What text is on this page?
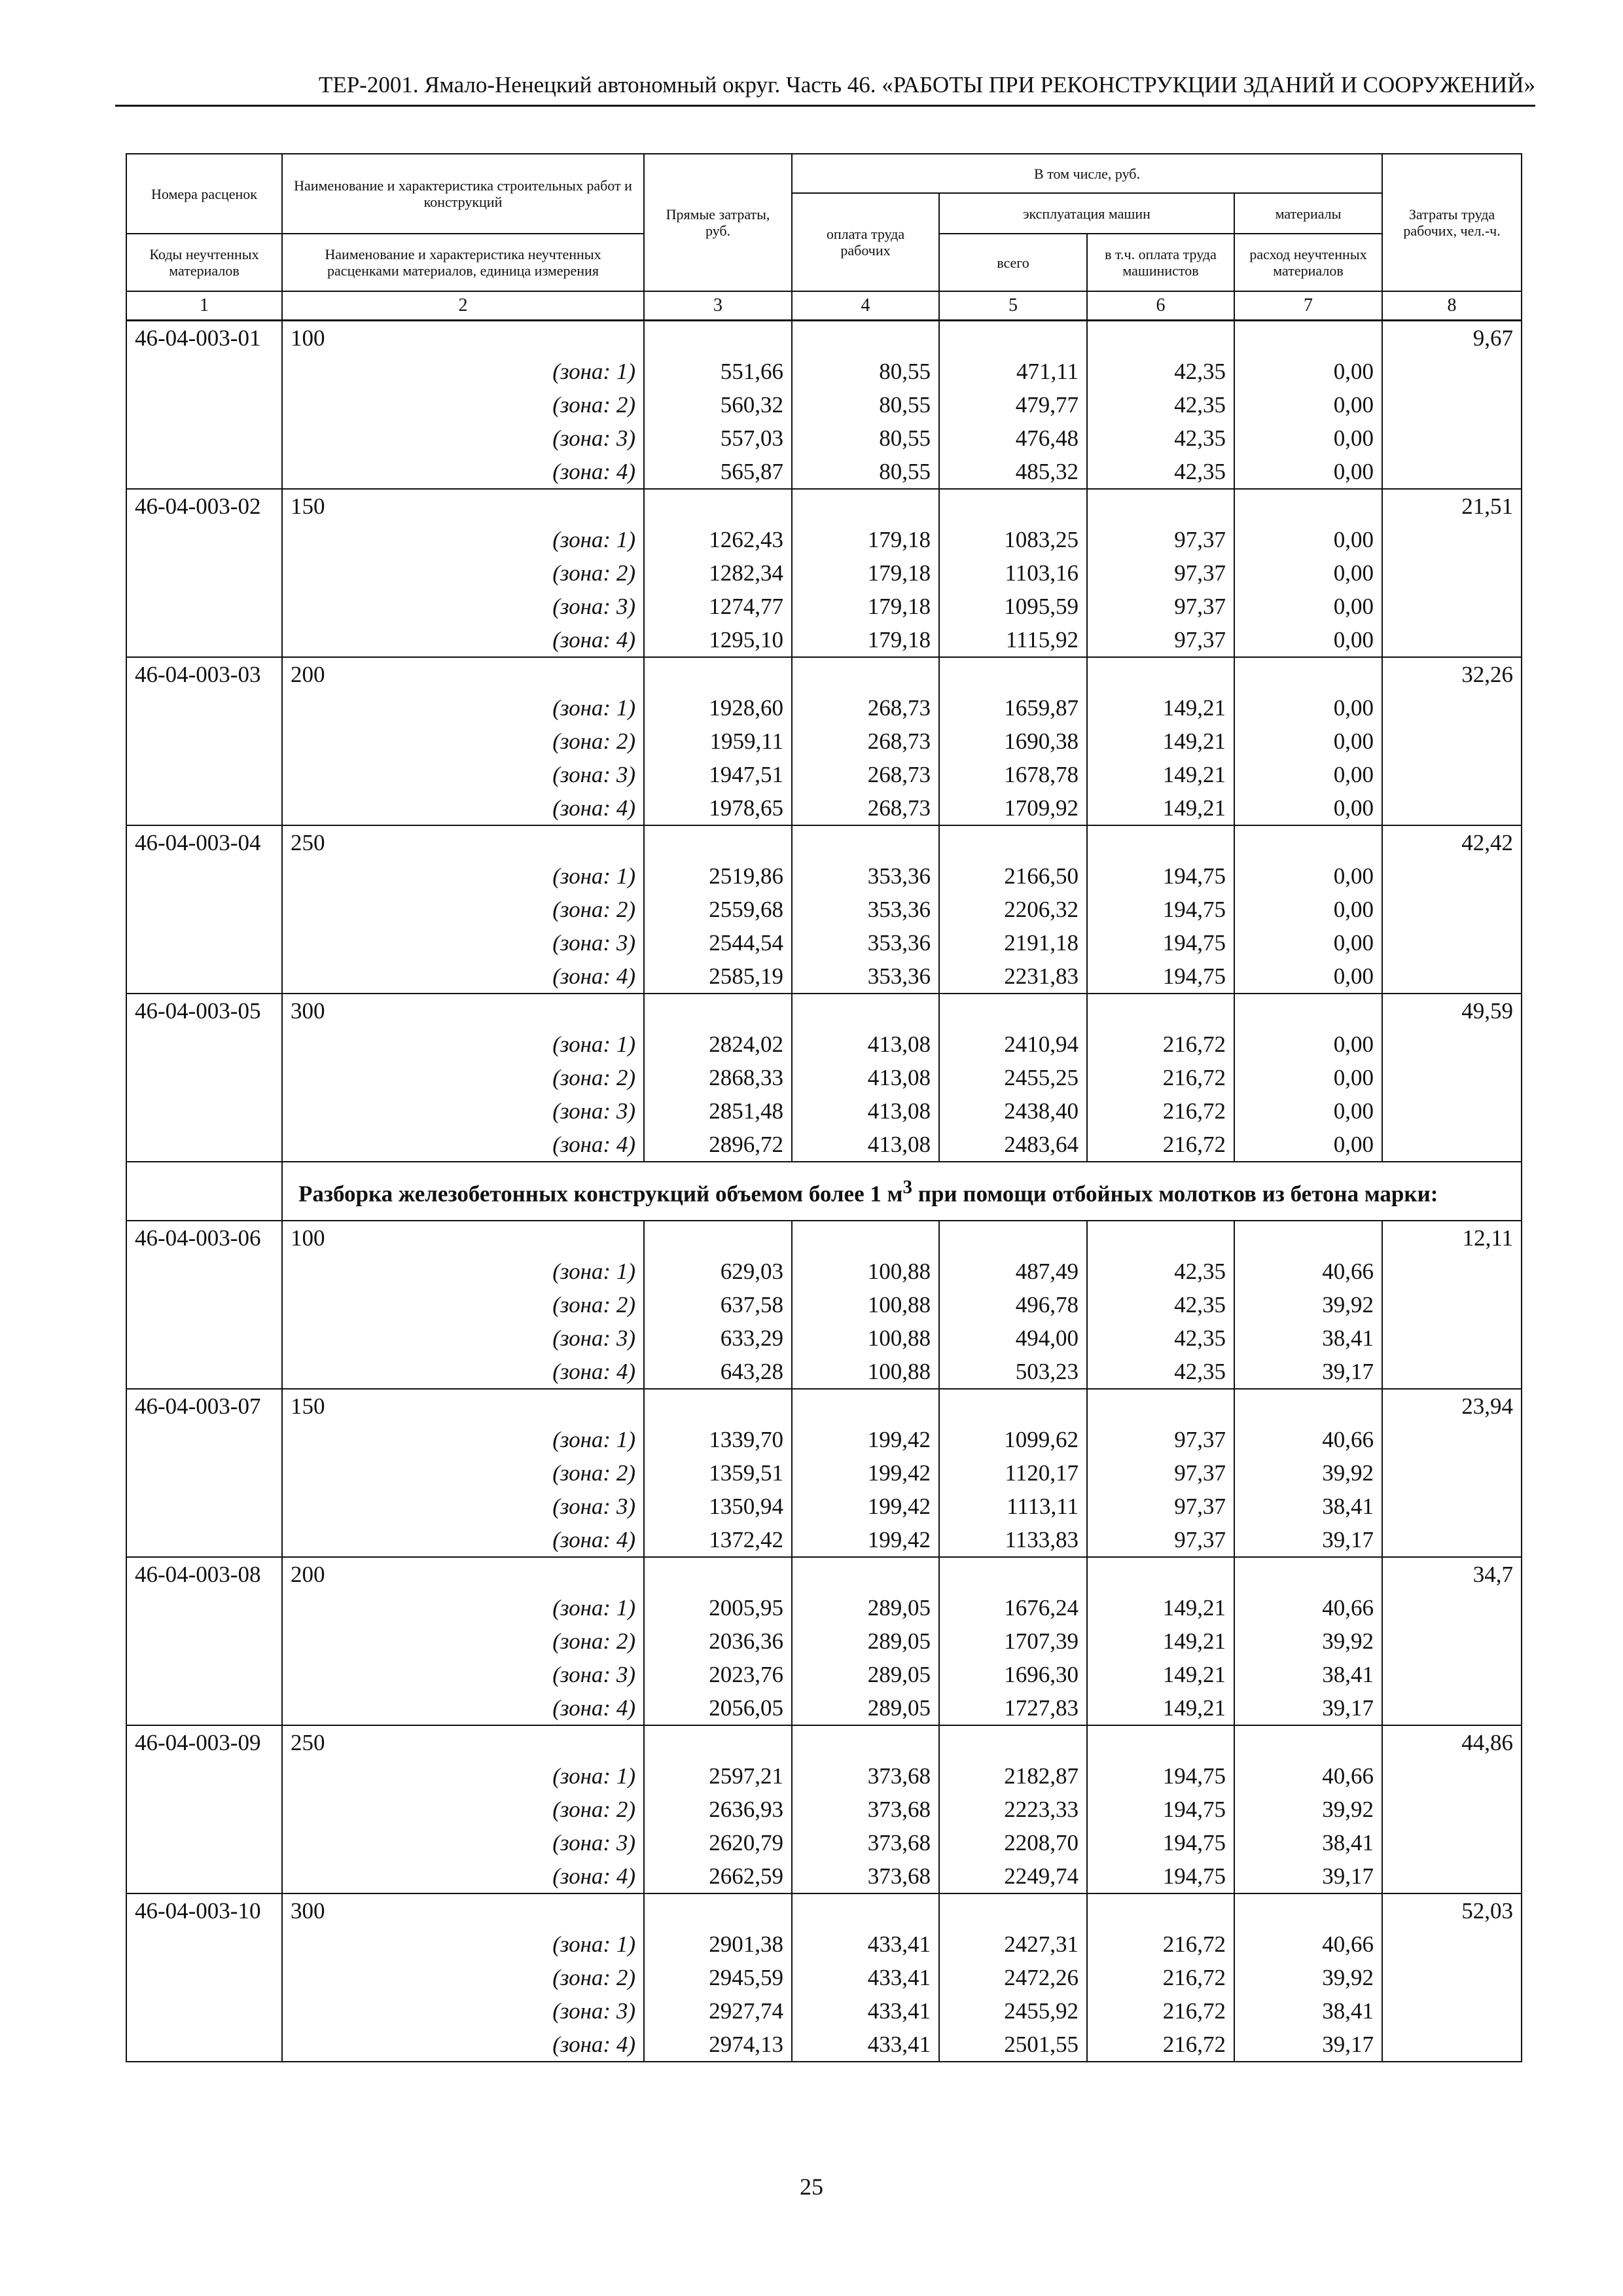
ТЕР-2001. Ямало-Ненецкий автономный округ. Часть 46. «РАБОТЫ ПРИ РЕКОНСТРУКЦИИ ЗДАНИЙ И СООРУЖЕНИЙ»
Номера расценок	Наименование и характеристика строительных работ и конструкций	Прямые затраты, руб.	В том числе, руб.				Затраты труда рабочих, чел.-ч.
			оплата труда рабочих	эксплуатация машин		материалы	
Коды неучтенных материалов	Наименование и характеристика неучтенных расценками материалов, единица измерения			всего	в т.ч. оплата труда машинистов	расход неучтенных материалов	
1	2	3	4	5	6	7	8
46-04-003-01	100						9,67
	(зона: 1)	551,66	80,55	471,11	42,35	0,00	
	(зона: 2)	560,32	80,55	479,77	42,35	0,00	
	(зона: 3)	557,03	80,55	476,48	42,35	0,00	
	(зона: 4)	565,87	80,55	485,32	42,35	0,00	
46-04-003-02	150						21,51
	(зона: 1)	1262,43	179,18	1083,25	97,37	0,00	
	(зона: 2)	1282,34	179,18	1103,16	97,37	0,00	
	(зона: 3)	1274,77	179,18	1095,59	97,37	0,00	
	(зона: 4)	1295,10	179,18	1115,92	97,37	0,00	
46-04-003-03	200						32,26
	(зона: 1)	1928,60	268,73	1659,87	149,21	0,00	
	(зона: 2)	1959,11	268,73	1690,38	149,21	0,00	
	(зона: 3)	1947,51	268,73	1678,78	149,21	0,00	
	(зона: 4)	1978,65	268,73	1709,92	149,21	0,00	
46-04-003-04	250						42,42
	(зона: 1)	2519,86	353,36	2166,50	194,75	0,00	
	(зона: 2)	2559,68	353,36	2206,32	194,75	0,00	
	(зона: 3)	2544,54	353,36	2191,18	194,75	0,00	
	(зона: 4)	2585,19	353,36	2231,83	194,75	0,00	
46-04-003-05	300						49,59
	(зона: 1)	2824,02	413,08	2410,94	216,72	0,00	
	(зона: 2)	2868,33	413,08	2455,25	216,72	0,00	
	(зона: 3)	2851,48	413,08	2438,40	216,72	0,00	
	(зона: 4)	2896,72	413,08	2483,64	216,72	0,00	
	Разборка железобетонных конструкций объемом более 1 $м^3$ при помощи отбойных молотков из бетона марки:						
46-04-003-06	100						12,11
	(зона: 1)	629,03	100,88	487,49	42,35	40,66	
	(зона: 2)	637,58	100,88	496,78	42,35	39,92	
	(зона: 3)	633,29	100,88	494,00	42,35	38,41	
	(зона: 4)	643,28	100,88	503,23	42,35	39,17	
46-04-003-07	150						23,94
	(зона: 1)	1339,70	199,42	1099,62	97,37	40,66	
	(зона: 2)	1359,51	199,42	1120,17	97,37	39,92	
	(зона: 3)	1350,94	199,42	1113,11	97,37	38,41	
	(зона: 4)	1372,42	199,42	1133,83	97,37	39,17	
46-04-003-08	200						34,7
	(зона: 1)	2005,95	289,05	1676,24	149,21	40,66	
	(зона: 2)	2036,36	289,05	1707,39	149,21	39,92	
	(зона: 3)	2023,76	289,05	1696,30	149,21	38,41	
	(зона: 4)	2056,05	289,05	1727,83	149,21	39,17	
46-04-003-09	250						44,86
	(зона: 1)	2597,21	373,68	2182,87	194,75	40,66	
	(зона: 2)	2636,93	373,68	2223,33	194,75	39,92	
	(зона: 3)	2620,79	373,68	2208,70	194,75	38,41	
	(зона: 4)	2662,59	373,68	2249,74	194,75	39,17	
46-04-003-10	300						52,03
	(зона: 1)	2901,38	433,41	2427,31	216,72	40,66	
	(зона: 2)	2945,59	433,41	2472,26	216,72	39,92	
	(зона: 3)	2927,74	433,41	2455,92	216,72	38,41	
	(зона: 4)	2974,13	433,41	2501,55	216,72	39,17	
25
